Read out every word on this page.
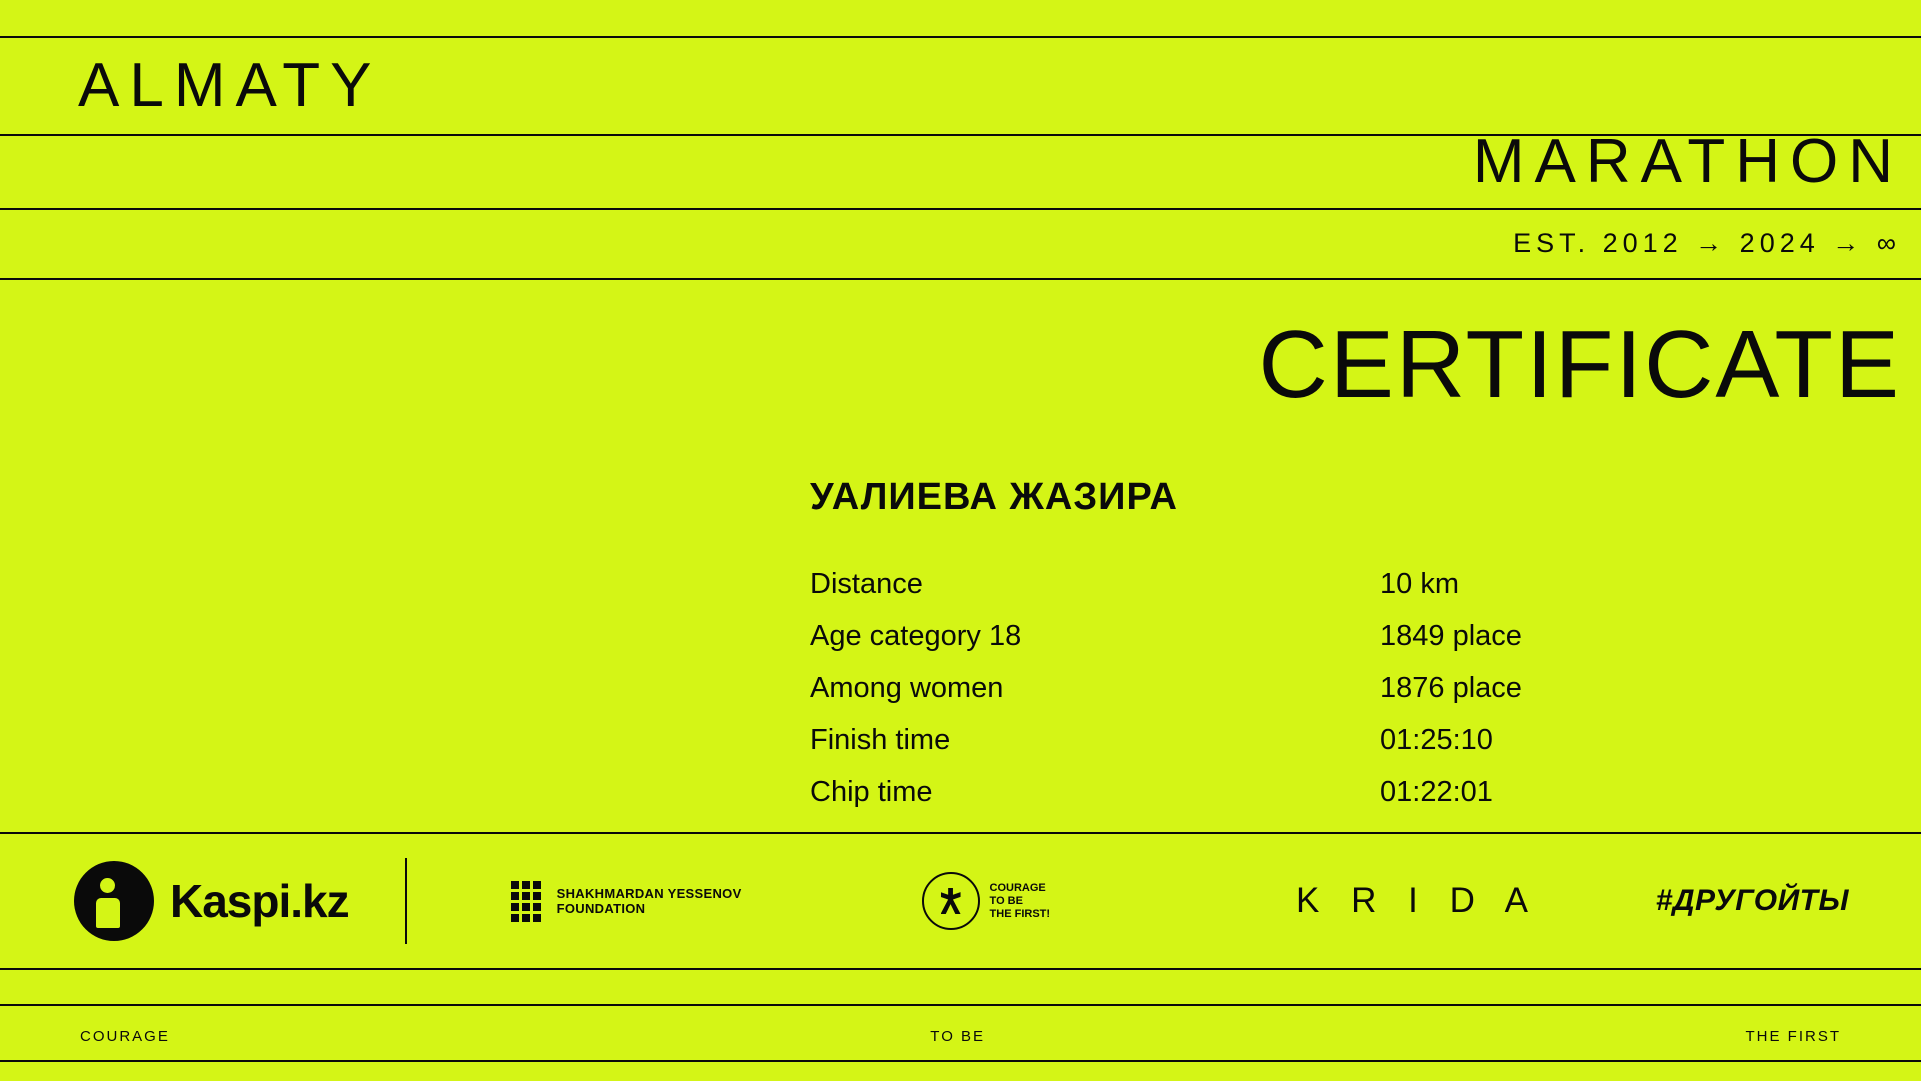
ALMATY
MARATHON
EST. 2012 → 2024 → ∞
CERTIFICATE
УАЛИЕВА ЖАЗИРА
Distance	10 km
Age category 18	1849 place
Among women	1876 place
Finish time	01:25:10
Chip time	01:22:01
Kaspi.kz	SHAKHMARDAN YESSENOV
FOUNDATION
COURAGE
TO BE
THE FIRST!	K R I D A	#ДРУГОЙТЫ
COURAGE	TO BE	THE FIRST
